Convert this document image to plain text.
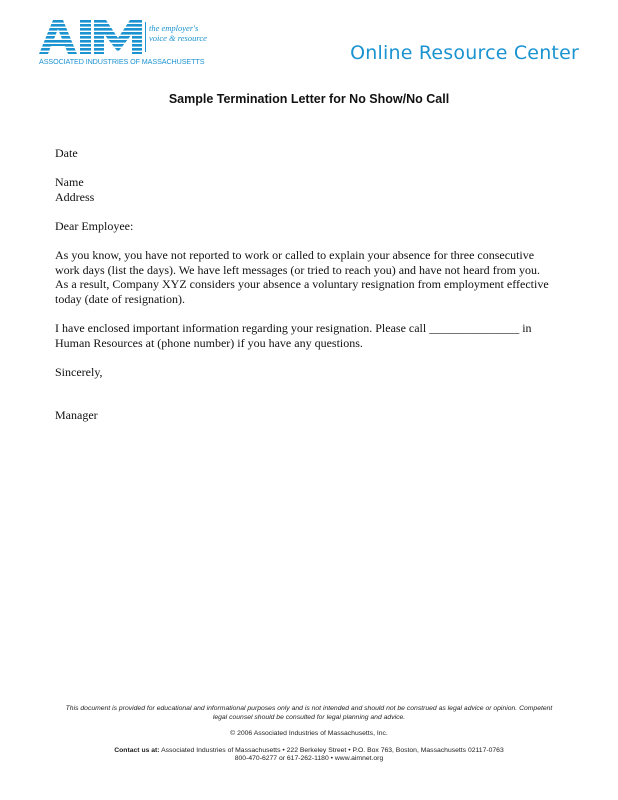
the employer's
voice & resource
ASSOCIATED INDUSTRIES OF MASSACHUSETTS	Online Resource Center
Sample Termination Letter for No Show/No Call

Date

Name

Address

Dear Employee:

As you know, you have not reported to work or called to explain your absence for three consecutive

work days (list the days). We have left messages (or tried to reach you) and have not heard from you.

As a result, Company XYZ considers your absence a voluntary resignation from employment effective

today (date of resignation).

I have enclosed important information regarding your resignation. Please call _______________ in

Human Resources at (phone number) if you have any questions.

Sincerely,

Manager

This document is provided for educational and informational purposes only and is not intended and should not be construed as legal advice or opinion. Competent
legal counsel should be consulted for legal planning and advice.
© 2006 Associated Industries of Massachusetts, Inc.
Contact us at: Associated Industries of Massachusetts • 222 Berkeley Street • P.O. Box 763, Boston, Massachusetts 02117-0763
800-470-6277 or 617-262-1180 • www.aimnet.org
